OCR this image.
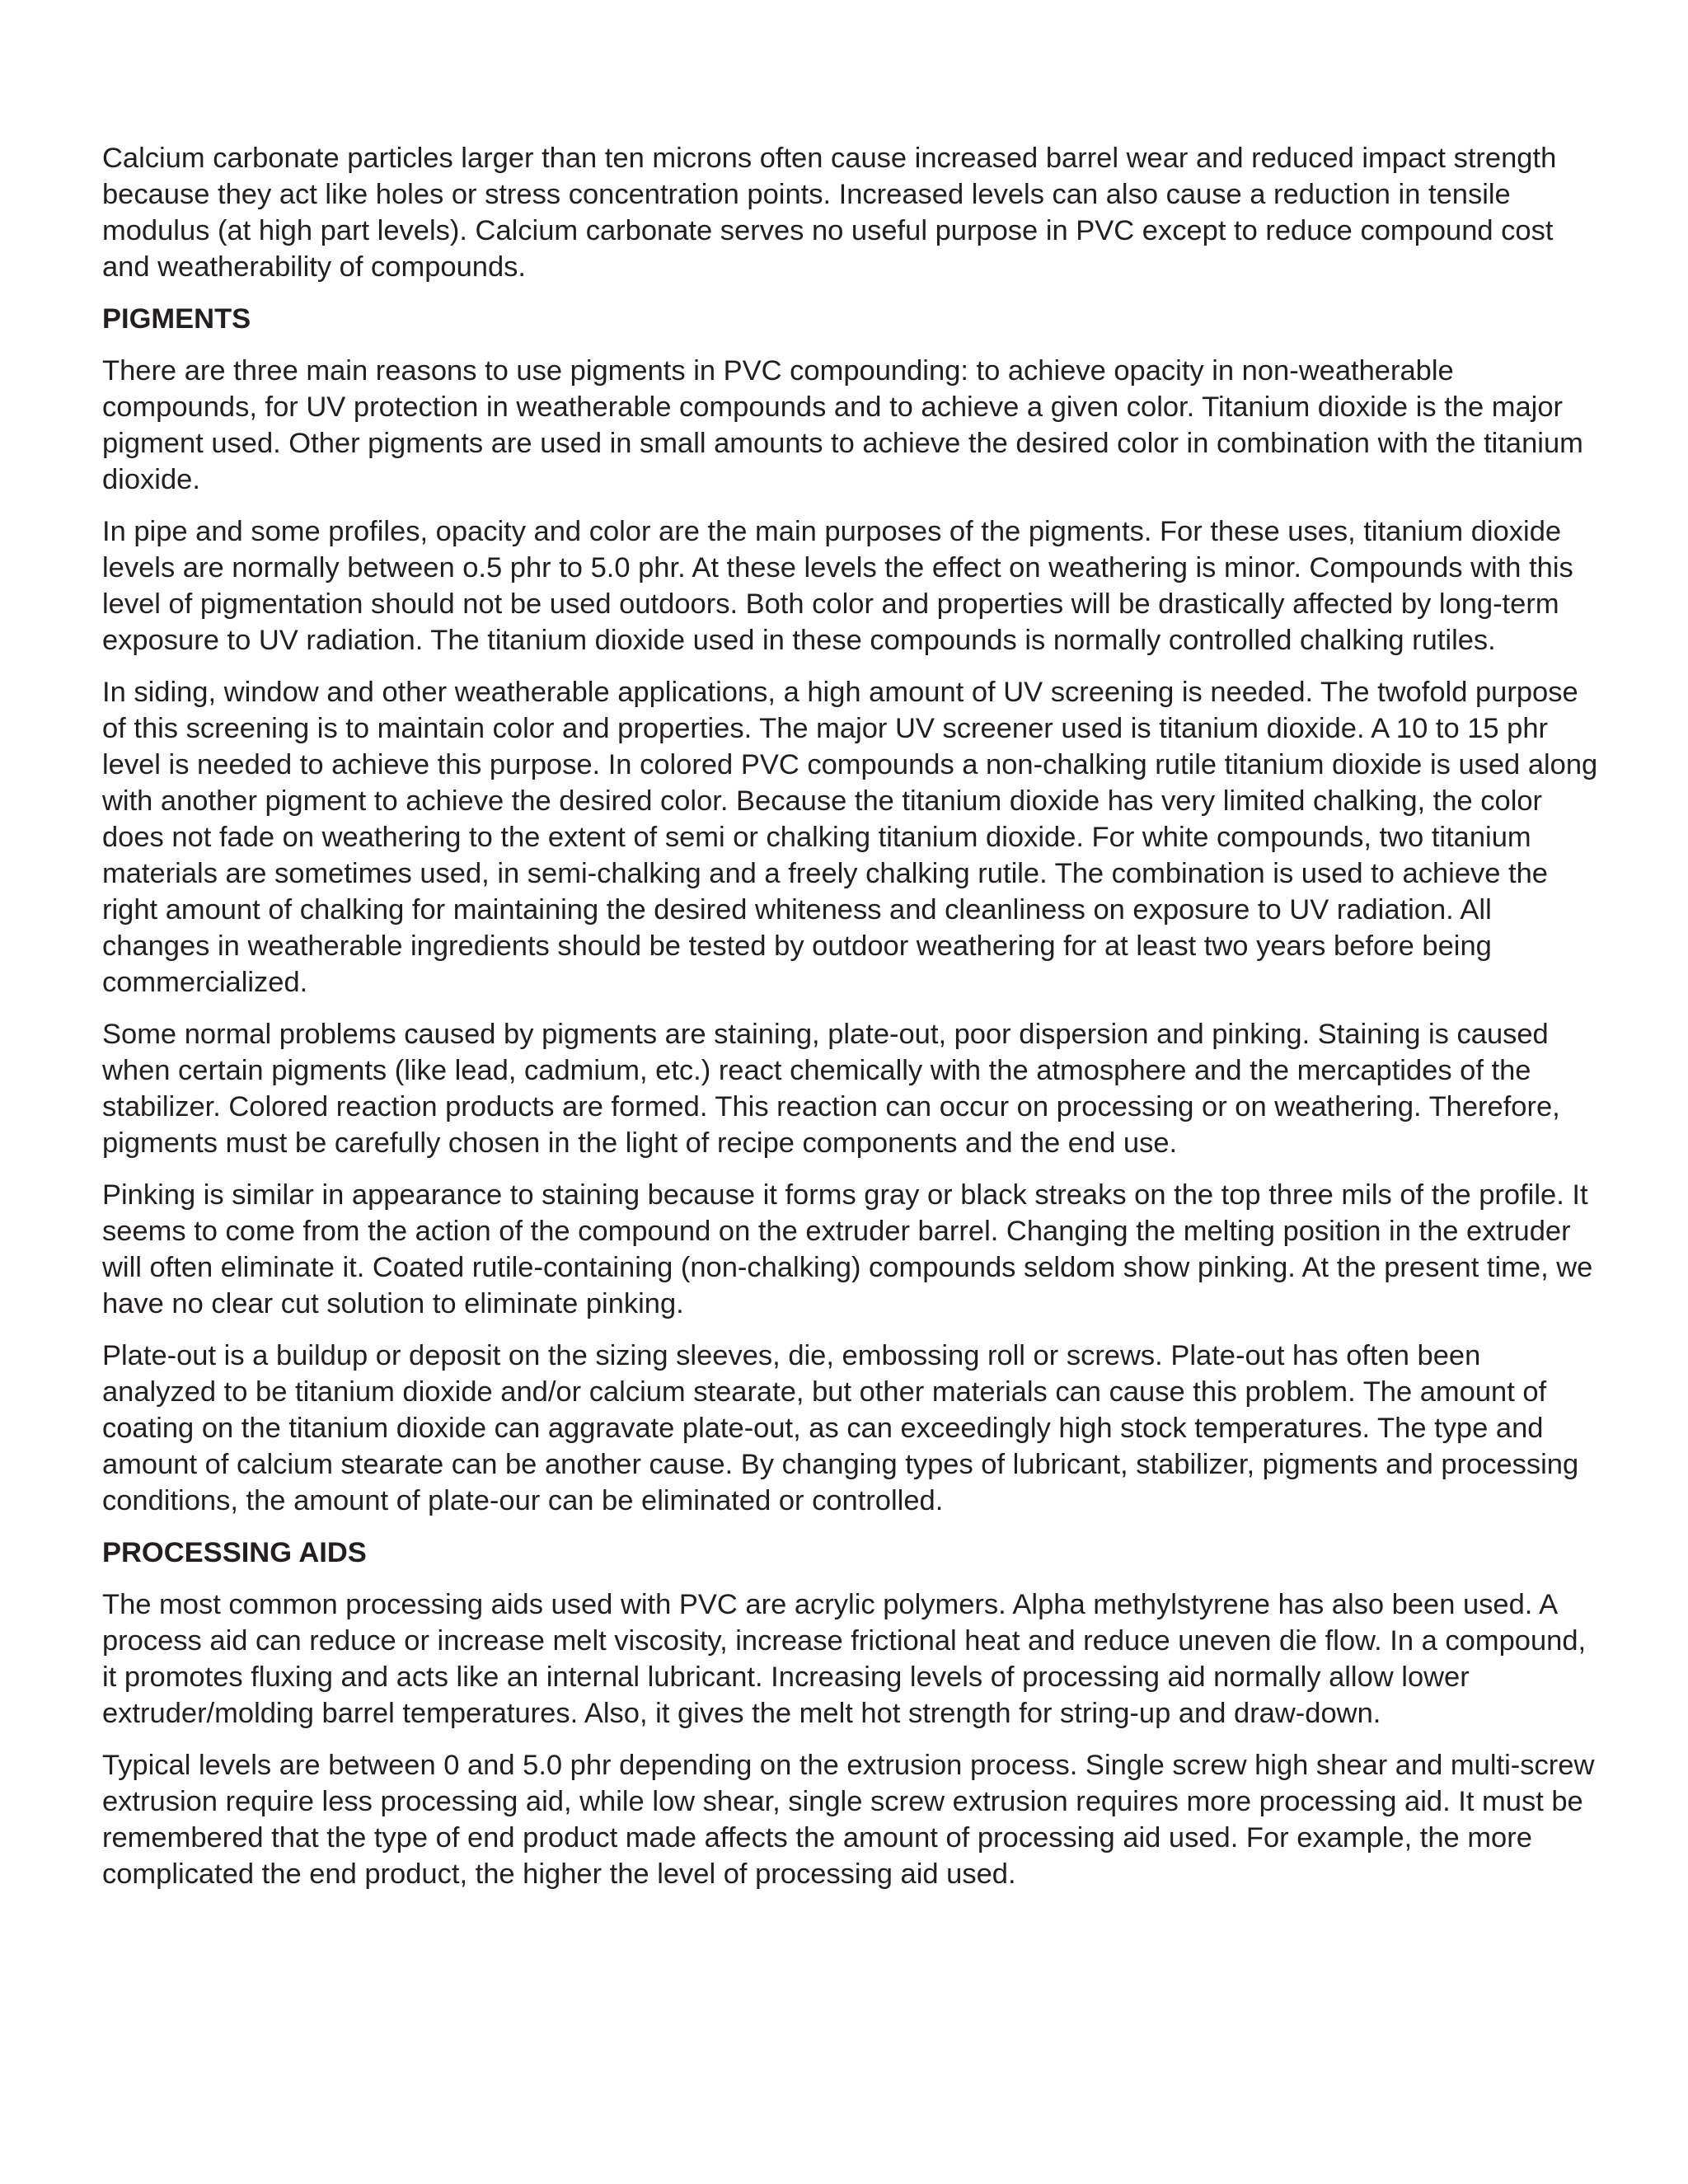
Calcium carbonate particles larger than ten microns often cause increased barrel wear and reduced impact strength because they act like holes or stress concentration points. Increased levels can also cause a reduction in tensile modulus (at high part levels). Calcium carbonate serves no useful purpose in PVC except to reduce compound cost and weatherability of compounds.

PIGMENTS

There are three main reasons to use pigments in PVC compounding: to achieve opacity in non-weatherable compounds, for UV protection in weatherable compounds and to achieve a given color. Titanium dioxide is the major pigment used. Other pigments are used in small amounts to achieve the desired color in combination with the titanium dioxide.

In pipe and some profiles, opacity and color are the main purposes of the pigments. For these uses, titanium dioxide levels are normally between o.5 phr to 5.0 phr. At these levels the effect on weathering is minor. Compounds with this level of pigmentation should not be used outdoors. Both color and properties will be drastically affected by long-term exposure to UV radiation. The titanium dioxide used in these compounds is normally controlled chalking rutiles.

In siding, window and other weatherable applications, a high amount of UV screening is needed. The twofold purpose of this screening is to maintain color and properties. The major UV screener used is titanium dioxide. A 10 to 15 phr level is needed to achieve this purpose. In colored PVC compounds a non-chalking rutile titanium dioxide is used along with another pigment to achieve the desired color. Because the titanium dioxide has very limited chalking, the color does not fade on weathering to the extent of semi or chalking titanium dioxide. For white compounds, two titanium materials are sometimes used, in semi-chalking and a freely chalking rutile. The combination is used to achieve the right amount of chalking for maintaining the desired whiteness and cleanliness on exposure to UV radiation. All changes in weatherable ingredients should be tested by outdoor weathering for at least two years before being commercialized.

Some normal problems caused by pigments are staining, plate-out, poor dispersion and pinking. Staining is caused when certain pigments (like lead, cadmium, etc.) react chemically with the atmosphere and the mercaptides of the stabilizer. Colored reaction products are formed. This reaction can occur on processing or on weathering. Therefore, pigments must be carefully chosen in the light of recipe components and the end use.

Pinking is similar in appearance to staining because it forms gray or black streaks on the top three mils of the profile. It seems to come from the action of the compound on the extruder barrel. Changing the melting position in the extruder will often eliminate it. Coated rutile-containing (non-chalking) compounds seldom show pinking. At the present time, we have no clear cut solution to eliminate pinking.

Plate-out is a buildup or deposit on the sizing sleeves, die, embossing roll or screws. Plate-out has often been analyzed to be titanium dioxide and/or calcium stearate, but other materials can cause this problem. The amount of coating on the titanium dioxide can aggravate plate-out, as can exceedingly high stock temperatures. The type and amount of calcium stearate can be another cause. By changing types of lubricant, stabilizer, pigments and processing conditions, the amount of plate-our can be eliminated or controlled.

PROCESSING AIDS

The most common processing aids used with PVC are acrylic polymers. Alpha methylstyrene has also been used. A process aid can reduce or increase melt viscosity, increase frictional heat and reduce uneven die flow. In a compound, it promotes fluxing and acts like an internal lubricant. Increasing levels of processing aid normally allow lower extruder/molding barrel temperatures. Also, it gives the melt hot strength for string-up and draw-down.

Typical levels are between 0 and 5.0 phr depending on the extrusion process. Single screw high shear and multi-screw extrusion require less processing aid, while low shear, single screw extrusion requires more processing aid. It must be remembered that the type of end product made affects the amount of processing aid used. For example, the more complicated the end product, the higher the level of processing aid used.
